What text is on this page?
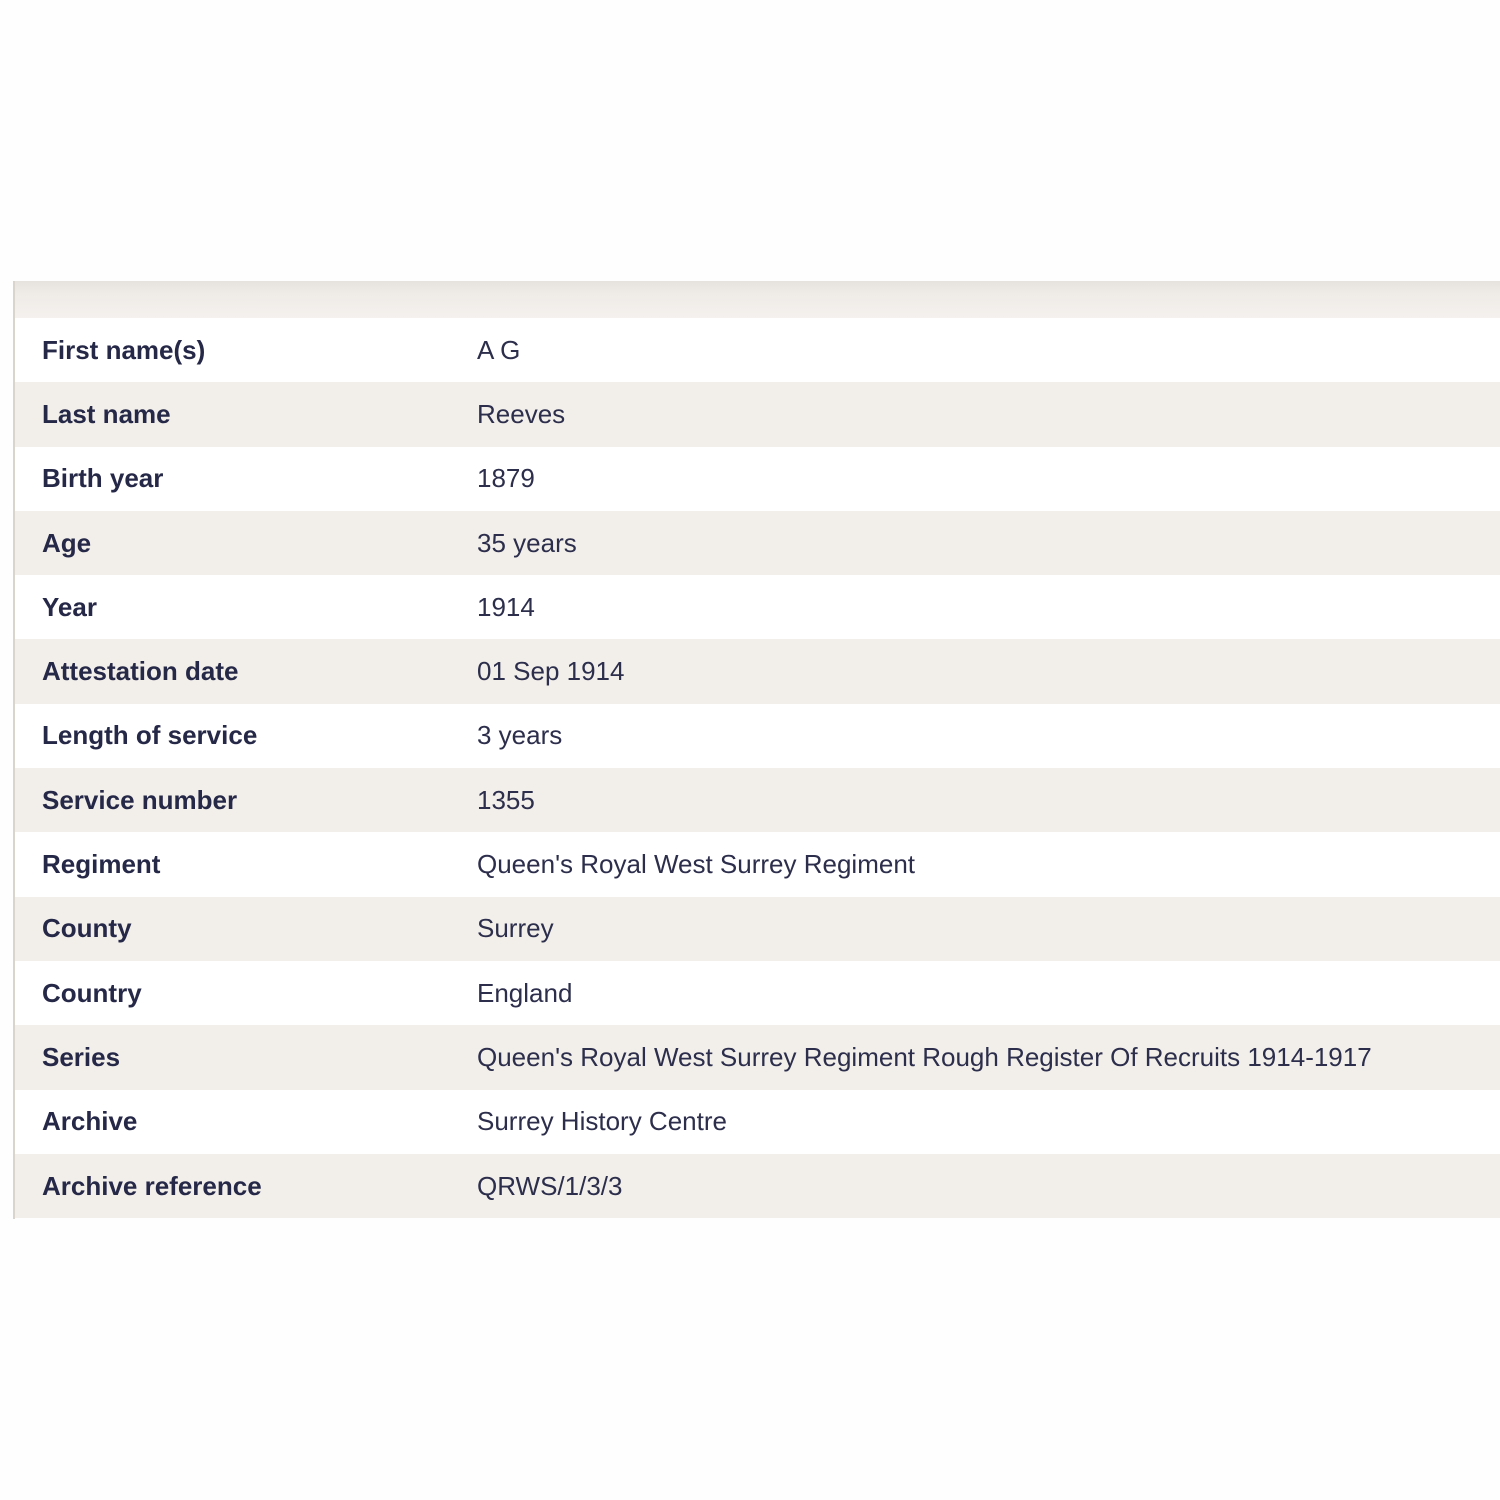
First name(s)	A G
Last name	Reeves
Birth year	1879
Age	35 years
Year	1914
Attestation date	01 Sep 1914
Length of service	3 years
Service number	1355
Regiment	Queen's Royal West Surrey Regiment
County	Surrey
Country	England
Series	Queen's Royal West Surrey Regiment Rough Register Of Recruits 1914-1917
Archive	Surrey History Centre
Archive reference	QRWS/1/3/3
